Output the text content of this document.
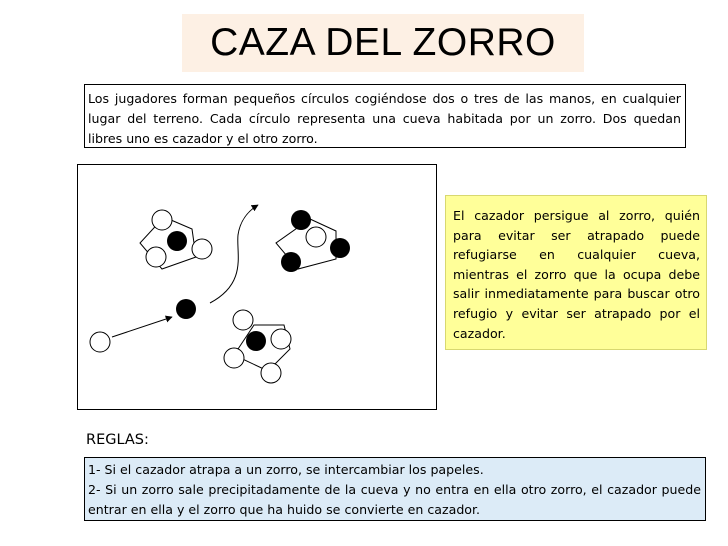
CAZA DEL ZORRO
Los jugadores forman pequeños círculos cogiéndose dos o tres de las manos, en cualquier lugar del terreno. Cada círculo representa una cueva habitada por un zorro. Dos quedan libres uno es cazador y el otro zorro.
El cazador persigue al zorro, quién para evitar ser atrapado puede refugiarse en cualquier cueva, mientras el zorro que la ocupa debe salir inmediatamente para buscar otro refugio y evitar ser atrapado por el cazador.
REGLAS:

1- Si el cazador atrapa a un zorro, se intercambiar los papeles.

2- Si un zorro sale precipitadamente de la cueva y no entra en ella otro zorro, el cazador puede entrar en ella y el zorro que ha huido se convierte en cazador.
